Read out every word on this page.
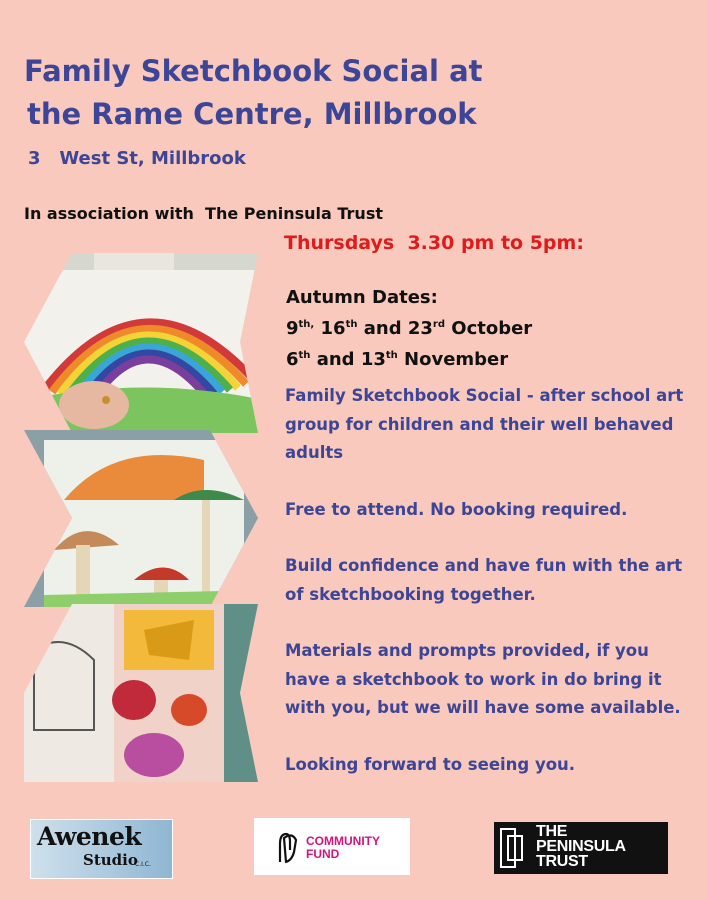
Family Sketchbook Social at
the Rame Centre, Millbrook

3   West St, Millbrook

In association with  The Peninsula Trust
Thursdays  3.30 pm to 5pm:
Autumn Dates:
$9^{th,}$ 16th and 23rd October
6th and 13th November

Family Sketchbook Social - after school art group for children and their well behaved adults

Free to attend. No booking required.

Build confidence and have fun with the art of sketchbooking together.

Materials and prompts provided, if you have a sketchbook to work in do bring it with you, but we will have some available.

Looking forward to seeing you.

Awenek
Studio
C.I.C.
COMMUNITY
FUND
THE
PENINSULA
TRUST
